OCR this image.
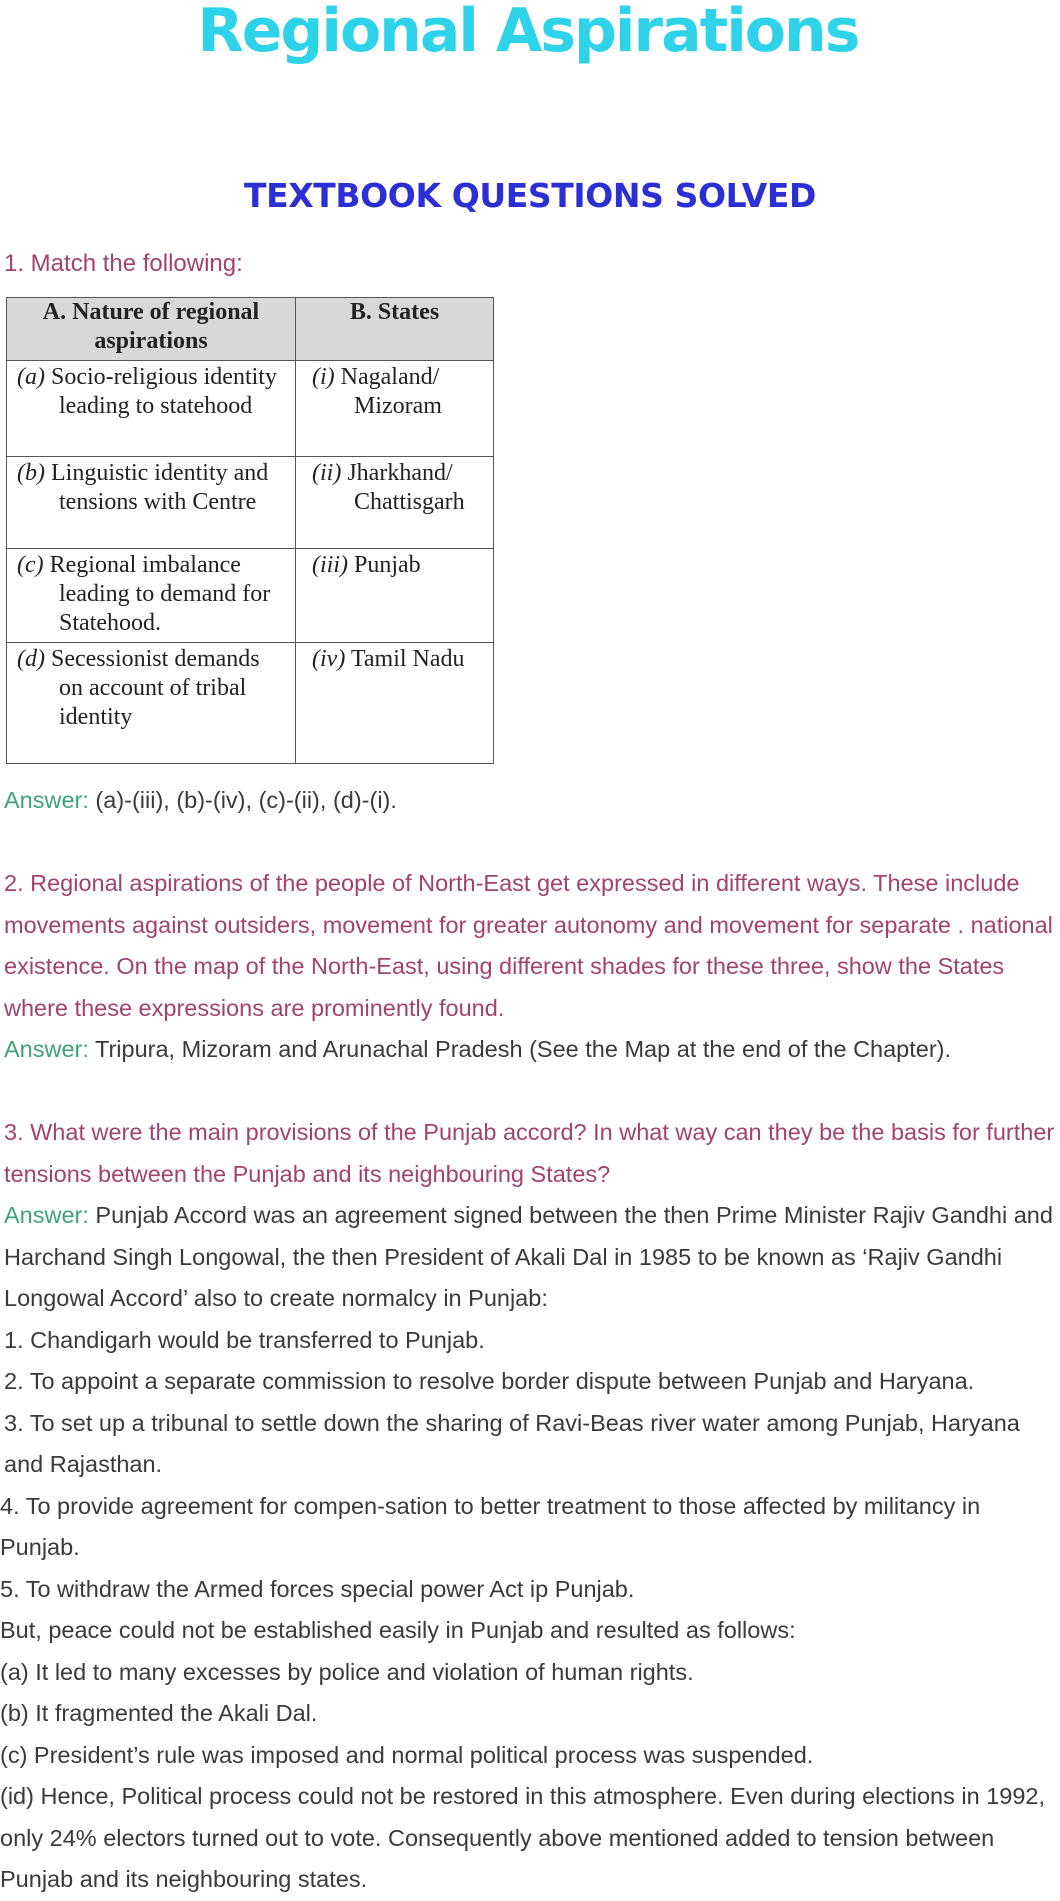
Regional Aspirations
TEXTBOOK QUESTIONS SOLVED

1. Match the following:

A. Nature of regional aspirations	B. States
(a) Socio-religious identity leading to statehood	(i) Nagaland/ Mizoram
(b) Linguistic identity and tensions with Centre	(ii) Jharkhand/ Chattisgarh
(c) Regional imbalance leading to demand for Statehood.	(iii) Punjab
(d) Secessionist demands on account of tribal identity	(iv) Tamil Nadu

Answer: (a)-(iii), (b)-(iv), (c)-(ii), (d)-(i).

2. Regional aspirations of the people of North-East get expressed in different ways. These include movements against outsiders, movement for greater autonomy and movement for separate . national existence. On the map of the North-East, using different shades for these three, show the States where these expressions are prominently found.

Answer: Tripura, Mizoram and Arunachal Pradesh (See the Map at the end of the Chapter).

3. What were the main provisions of the Punjab accord? In what way can they be the basis for further tensions between the Punjab and its neighbouring States?

Answer: Punjab Accord was an agreement signed between the then Prime Minister Rajiv Gandhi and Harchand Singh Longowal, the then President of Akali Dal in 1985 to be known as ‘Rajiv Gandhi Longowal Accord’ also to create normalcy in Punjab:

1. Chandigarh would be transferred to Punjab.

2. To appoint a separate commission to resolve border dispute between Punjab and Haryana.

3. To set up a tribunal to settle down the sharing of Ravi-Beas river water among Punjab, Haryana and Rajasthan.

4. To provide agreement for compen-sation to better treatment to those affected by militancy in Punjab.

5. To withdraw the Armed forces special power Act ip Punjab.

But, peace could not be established easily in Punjab and resulted as follows:

(a) It led to many excesses by police and violation of human rights.

(b) It fragmented the Akali Dal.

(c) President’s rule was imposed and normal political process was suspended.

(id) Hence, Political process could not be restored in this atmosphere. Even during elections in 1992, only 24% electors turned out to vote. Consequently above mentioned added to tension between Punjab and its neighbouring states.
